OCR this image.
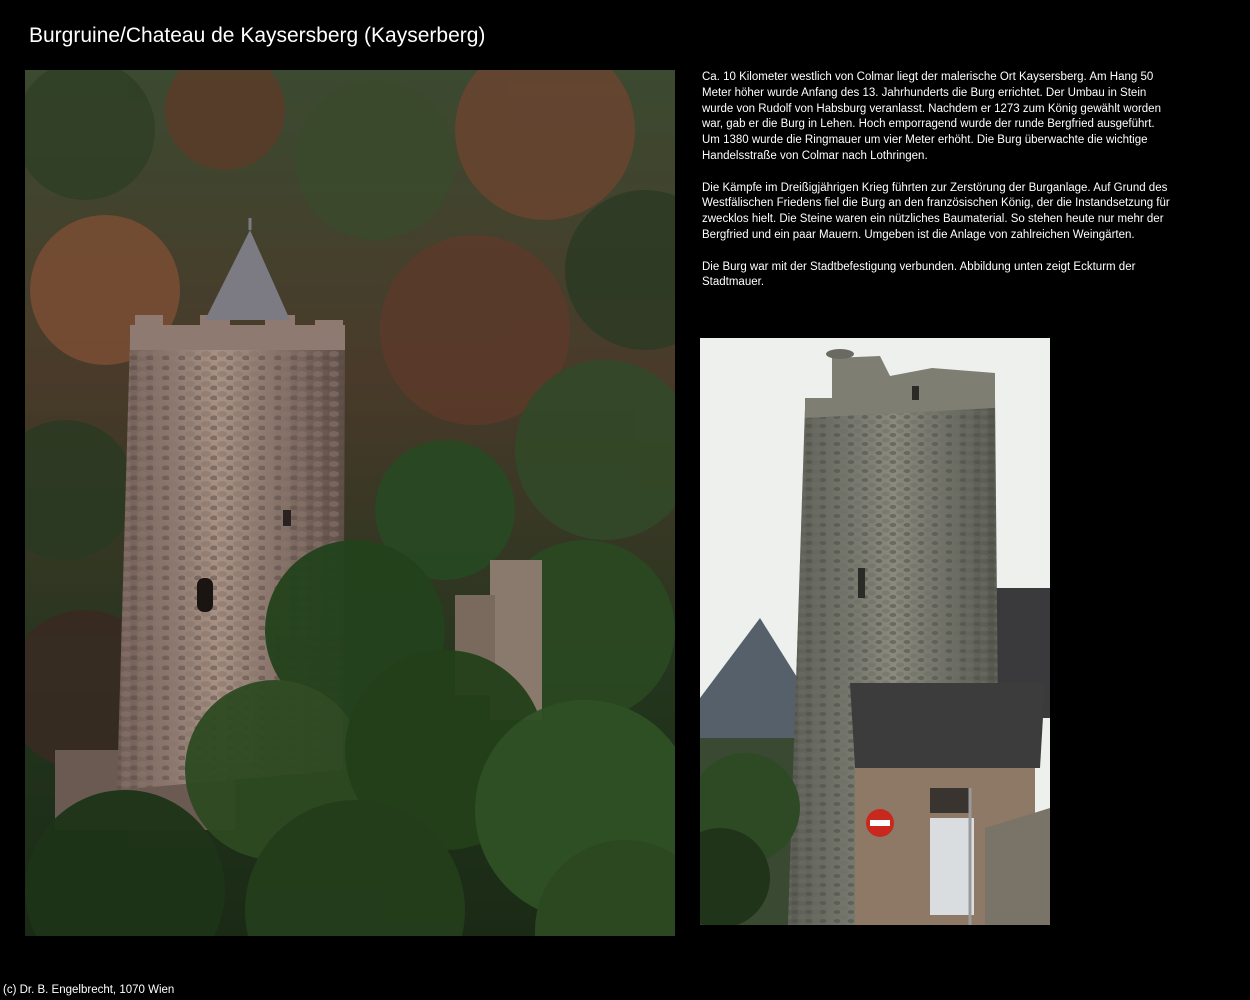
Burgruine/Chateau de Kaysersberg (Kayserberg)

Ca. 10 Kilometer westlich von Colmar liegt der malerische Ort Kaysersberg. Am Hang 50 Meter höher wurde Anfang des 13. Jahrhunderts die Burg errichtet. Der Umbau in Stein wurde von Rudolf von Habsburg veranlasst. Nachdem er 1273 zum König gewählt worden war, gab er die Burg in Lehen. Hoch emporragend wurde der runde Bergfried ausgeführt. Um 1380 wurde die Ringmauer um vier Meter erhöht. Die Burg überwachte die wichtige Handelsstraße von Colmar nach Lothringen.

Die Kämpfe im Dreißigjährigen Krieg führten zur Zerstörung der Burganlage. Auf Grund des Westfälischen Friedens fiel die Burg an den französischen König, der die Instandsetzung für zwecklos hielt. Die Steine waren ein nützliches Baumaterial. So stehen heute nur mehr der Bergfried und ein paar Mauern. Umgeben ist die Anlage von zahlreichen Weingärten.

Die Burg war mit der Stadtbefestigung verbunden. Abbildung unten zeigt Eckturm der Stadtmauer.

(c) Dr. B. Engelbrecht, 1070 Wien
